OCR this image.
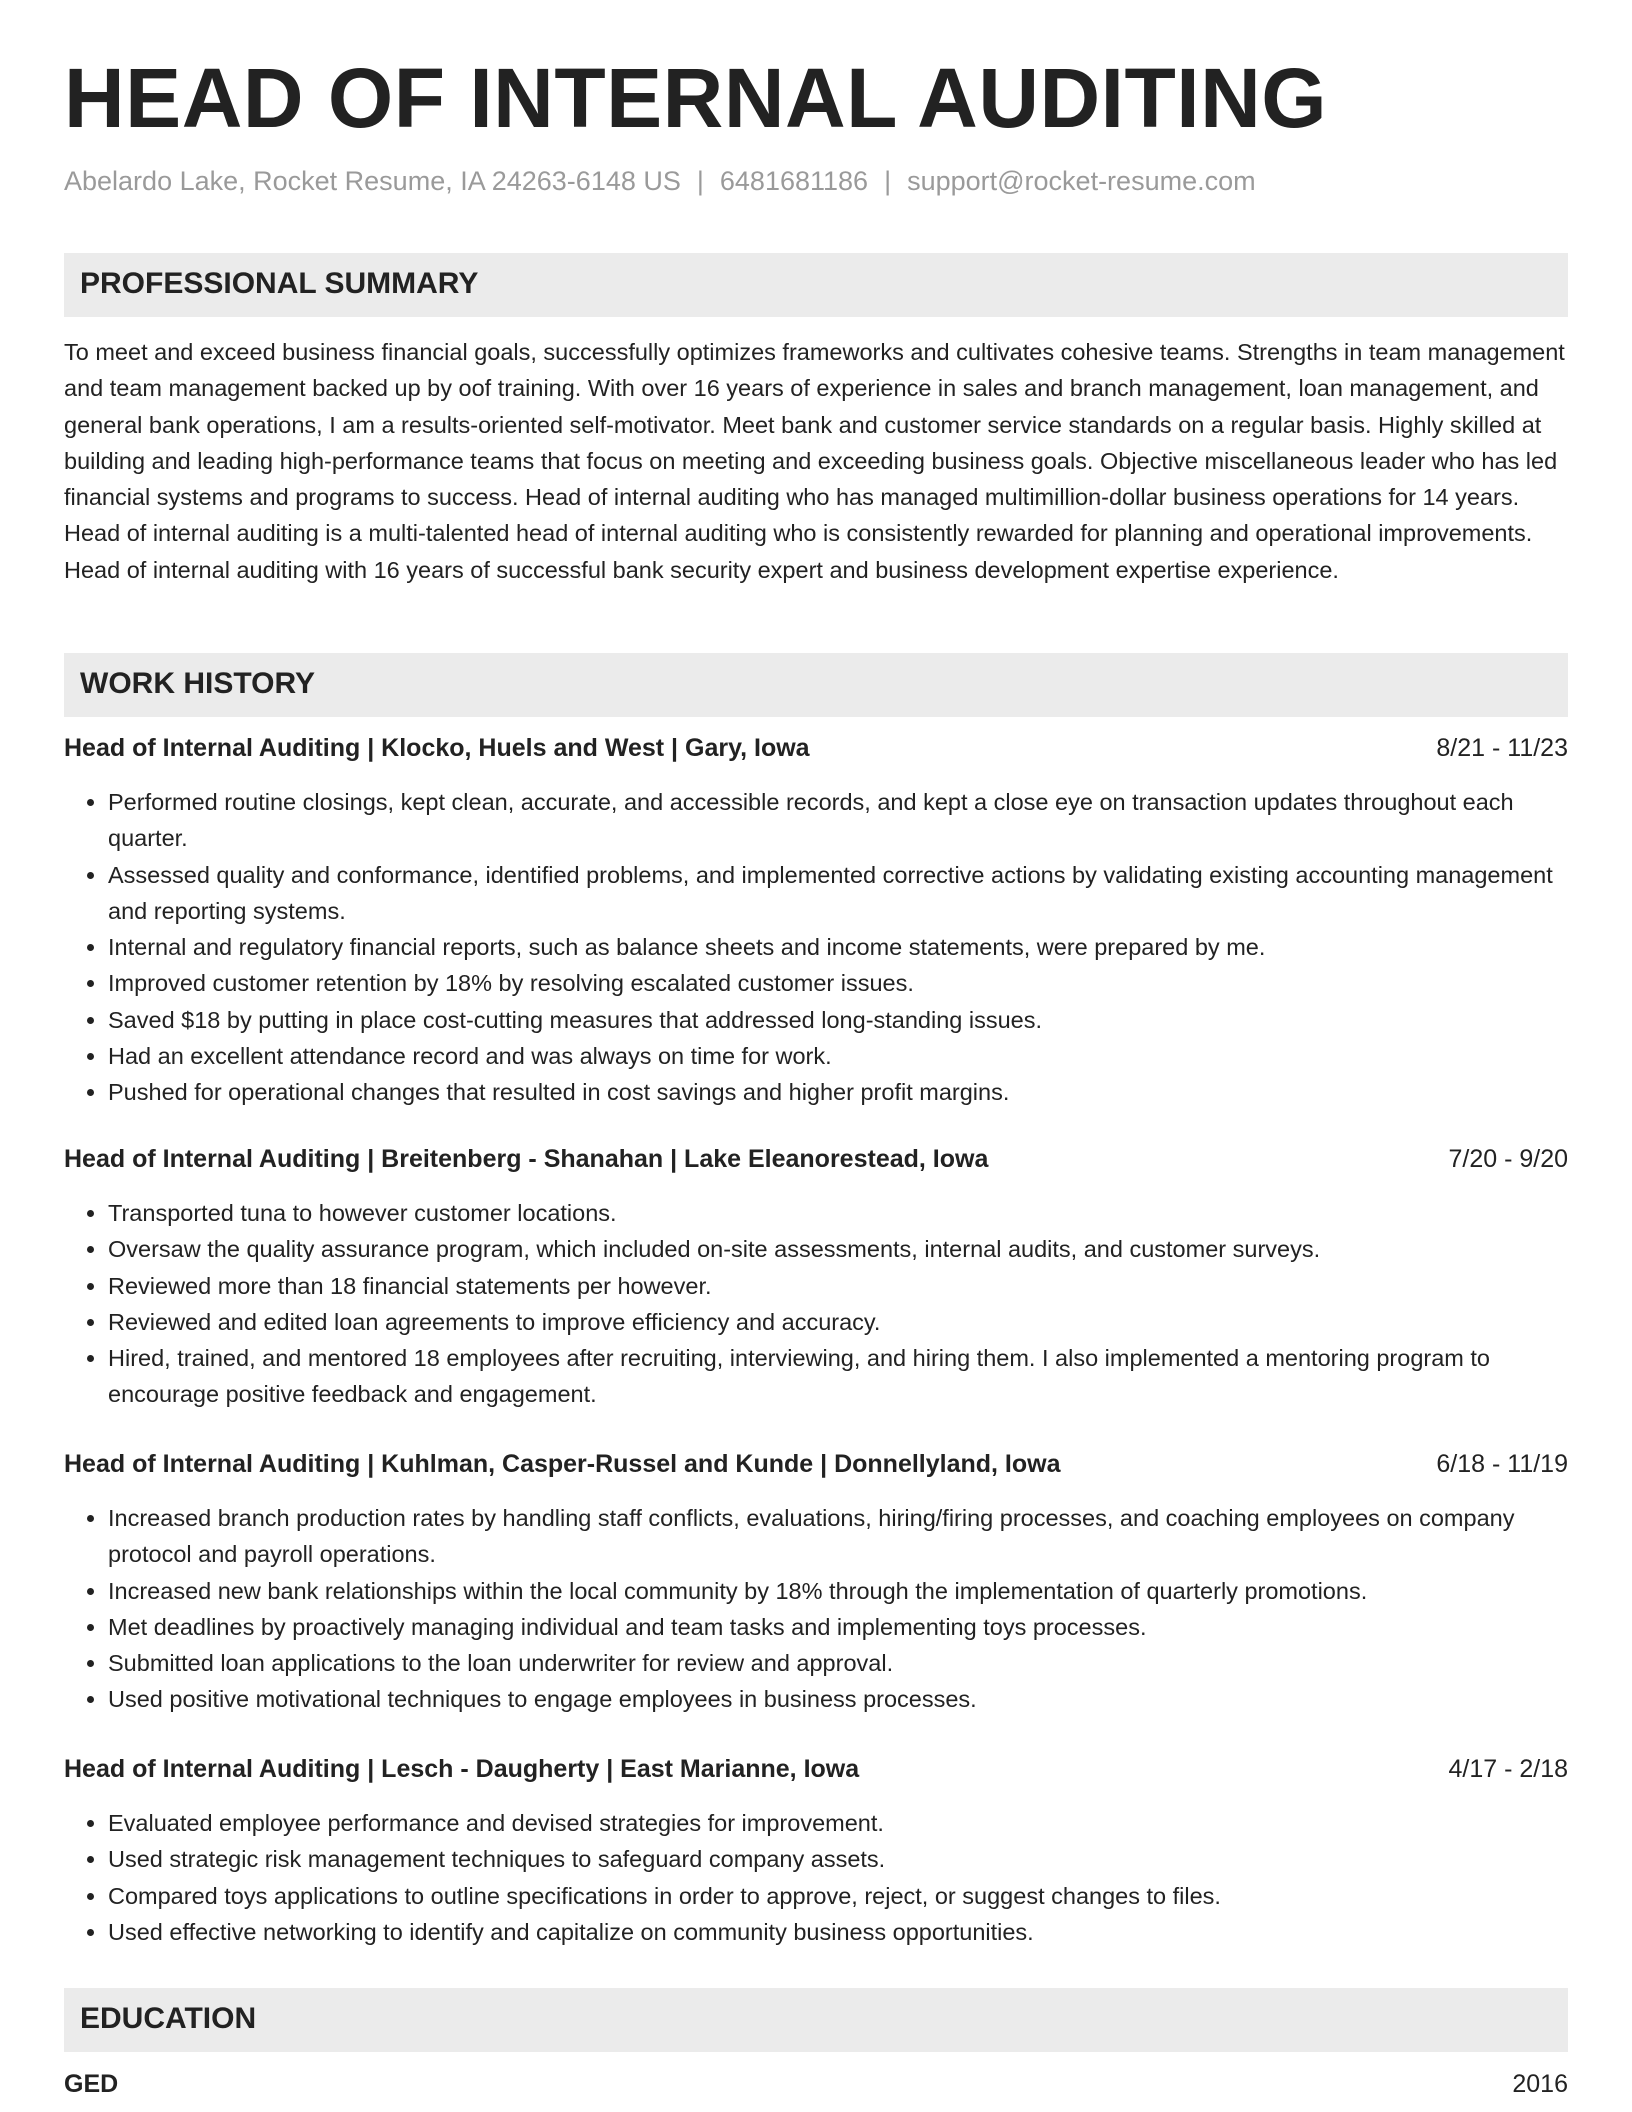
HEAD OF INTERNAL AUDITING
Abelardo Lake, Rocket Resume, IA 24263-6148 US | 6481681186 | support@rocket-resume.com
PROFESSIONAL SUMMARY

To meet and exceed business financial goals, successfully optimizes frameworks and cultivates cohesive teams. Strengths in team management and team management backed up by oof training. With over 16 years of experience in sales and branch management, loan management, and general bank operations, I am a results-oriented self-motivator. Meet bank and customer service standards on a regular basis. Highly skilled at building and leading high-performance teams that focus on meeting and exceeding business goals. Objective miscellaneous leader who has led financial systems and programs to success. Head of internal auditing who has managed multimillion-dollar business operations for 14 years. Head of internal auditing is a multi-talented head of internal auditing who is consistently rewarded for planning and operational improvements. Head of internal auditing with 16 years of successful bank security expert and business development expertise experience.

WORK HISTORY
Head of Internal Auditing | Klocko, Huels and West | Gary, Iowa	8/21 - 11/23
• Performed routine closings, kept clean, accurate, and accessible records, and kept a close eye on transaction updates throughout each quarter.
• Assessed quality and conformance, identified problems, and implemented corrective actions by validating existing accounting management and reporting systems.
• Internal and regulatory financial reports, such as balance sheets and income statements, were prepared by me.
• Improved customer retention by 18% by resolving escalated customer issues.
• Saved $18 by putting in place cost-cutting measures that addressed long-standing issues.
• Had an excellent attendance record and was always on time for work.
• Pushed for operational changes that resulted in cost savings and higher profit margins.
Head of Internal Auditing | Breitenberg - Shanahan | Lake Eleanorestead, Iowa	7/20 - 9/20
• Transported tuna to however customer locations.
• Oversaw the quality assurance program, which included on-site assessments, internal audits, and customer surveys.
• Reviewed more than 18 financial statements per however.
• Reviewed and edited loan agreements to improve efficiency and accuracy.
• Hired, trained, and mentored 18 employees after recruiting, interviewing, and hiring them. I also implemented a mentoring program to encourage positive feedback and engagement.
Head of Internal Auditing | Kuhlman, Casper-Russel and Kunde | Donnellyland, Iowa	6/18 - 11/19
• Increased branch production rates by handling staff conflicts, evaluations, hiring/firing processes, and coaching employees on company protocol and payroll operations.
• Increased new bank relationships within the local community by 18% through the implementation of quarterly promotions.
• Met deadlines by proactively managing individual and team tasks and implementing toys processes.
• Submitted loan applications to the loan underwriter for review and approval.
• Used positive motivational techniques to engage employees in business processes.
Head of Internal Auditing | Lesch - Daugherty | East Marianne, Iowa	4/17 - 2/18
• Evaluated employee performance and devised strategies for improvement.
• Used strategic risk management techniques to safeguard company assets.
• Compared toys applications to outline specifications in order to approve, reject, or suggest changes to files.
• Used effective networking to identify and capitalize on community business opportunities.
EDUCATION
GED	2016
